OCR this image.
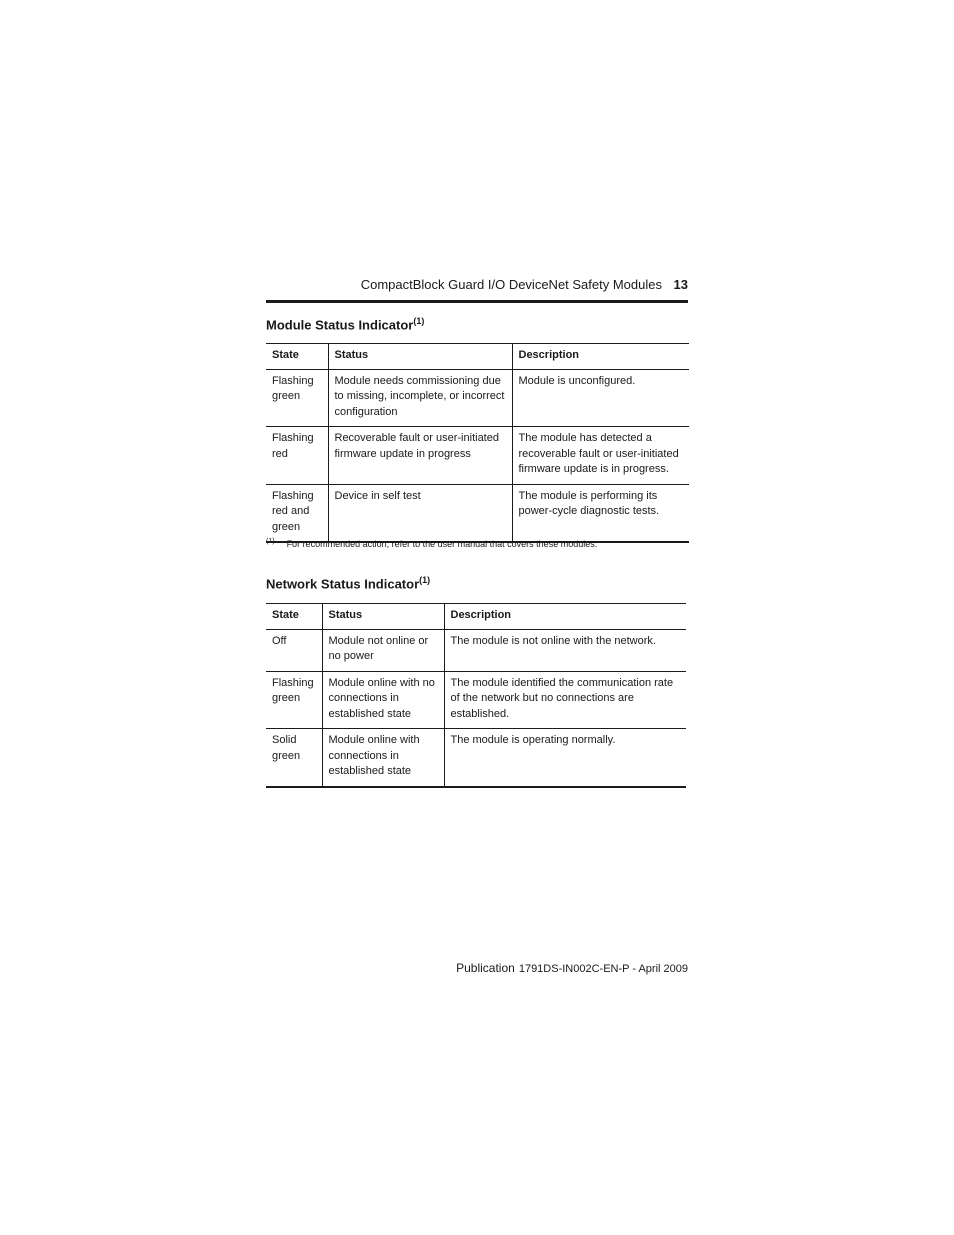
CompactBlock Guard I/O DeviceNet Safety Modules 13
Module Status Indicator$^{(1)}$
State	Status	Description
Flashing green	Module needs commissioning due to missing, incomplete, or incorrect configuration	Module is unconfigured.
Flashing red	Recoverable fault or user-initiated firmware update in progress	The module has detected a recoverable fault or user-initiated firmware update is in progress.
Flashing red and green	Device in self test	The module is performing its power-cycle diagnostic tests.
$^{(1)}$ For recommended action, refer to the user manual that covers these modules.
Network Status Indicator$^{(1)}$
State	Status	Description
Off	Module not online or no power	The module is not online with the network.
Flashing green	Module online with no connections in established state	The module identified the communication rate of the network but no connections are established.
Solid green	Module online with connections in established state	The module is operating normally.
Publication 1791DS-IN002C-EN-P - April 2009
